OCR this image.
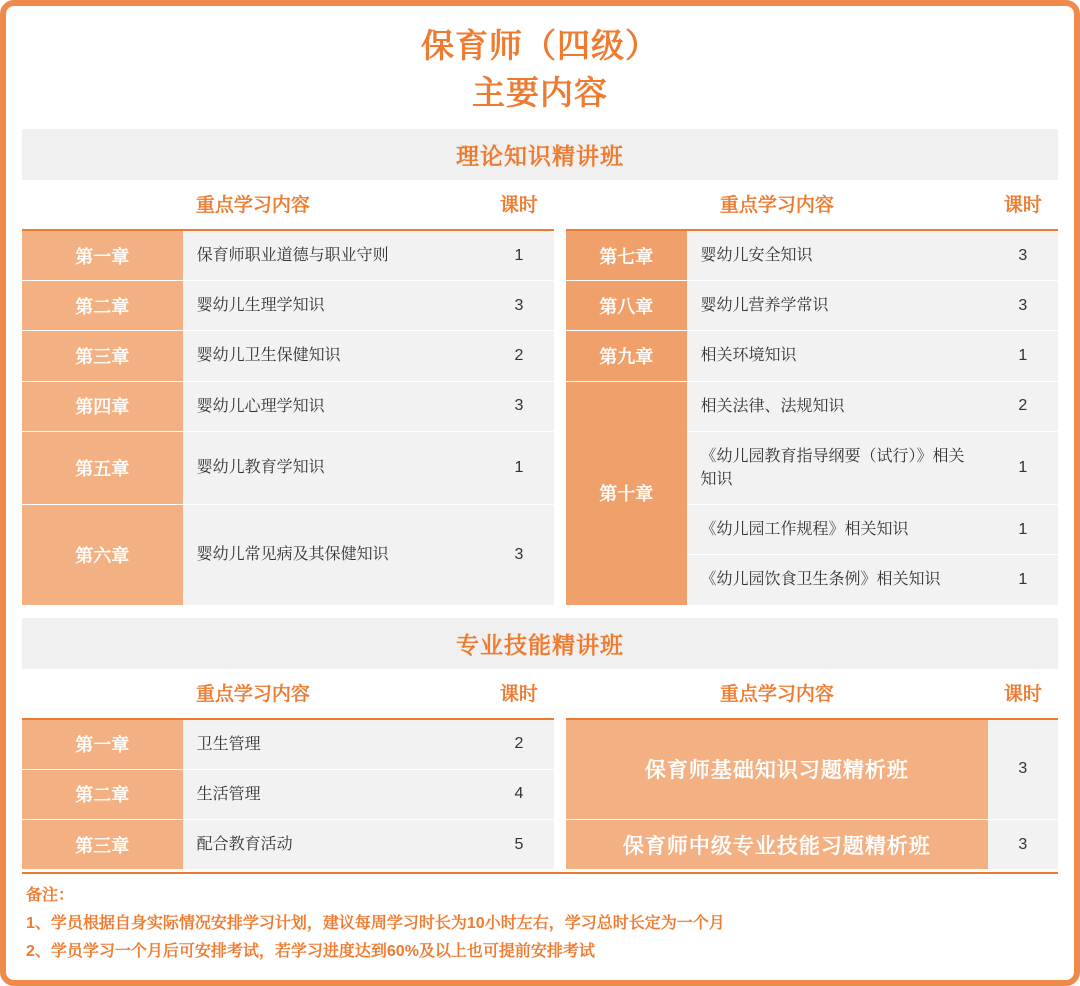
保育师（四级）
主要内容
理论知识精讲班
重点学习内容		课时		重点学习内容		课时
第一章	保育师职业道德与职业守则	1		第七章	婴幼儿安全知识	3
第二章	婴幼儿生理学知识	3		第八章	婴幼儿营养学常识	3
第三章	婴幼儿卫生保健知识	2		第九章	相关环境知识	1
第四章	婴幼儿心理学知识	3		第十章	相关法律、法规知识	2
第五章	婴幼儿教育学知识	1			《幼儿园教育指导纲要（试行）》相关知识	1
第六章	婴幼儿常见病及其保健知识	3			《幼儿园工作规程》相关知识	1
					《幼儿园饮食卫生条例》相关知识	1
专业技能精讲班
重点学习内容		课时		重点学习内容	课时
第一章	卫生管理	2		保育师基础知识习题精析班	3
第二章	生活管理	4			
第三章	配合教育活动	5		保育师中级专业技能习题精析班	3
备注：
1、学员根据自身实际情况安排学习计划，建议每周学习时长为10小时左右，学习总时长定为一个月
2、学员学习一个月后可安排考试，若学习进度达到60%及以上也可提前安排考试
